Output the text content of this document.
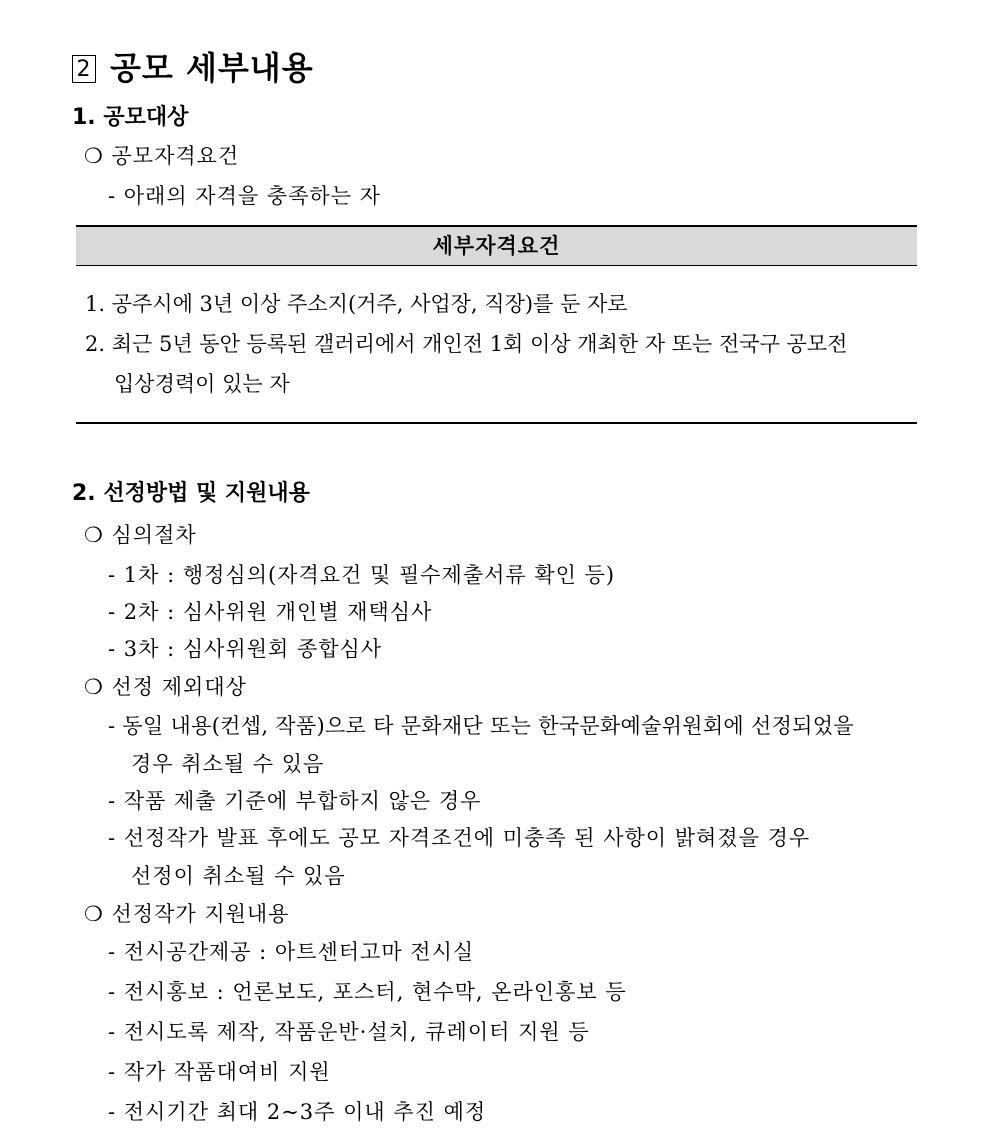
2 공모 세부내용
1. 공모대상
❍ 공모자격요건
- 아래의 자격을 충족하는 자
세부자격요건
1. 공주시에 3년 이상 주소지(거주, 사업장, 직장)를 둔 자로
2. 최근 5년 동안 등록된 갤러리에서 개인전 1회 이상 개최한 자 또는 전국구 공모전
입상경력이 있는 자
2. 선정방법 및 지원내용
❍ 심의절차
- 1차 : 행정심의(자격요건 및 필수제출서류 확인 등)
- 2차 : 심사위원 개인별 재택심사
- 3차 : 심사위원회 종합심사
❍ 선정 제외대상
- 동일 내용(컨셉, 작품)으로 타 문화재단 또는 한국문화예술위원회에 선정되었을
경우 취소될 수 있음
- 작품 제출 기준에 부합하지 않은 경우
- 선정작가 발표 후에도 공모 자격조건에 미충족 된 사항이 밝혀졌을 경우
선정이 취소될 수 있음
❍ 선정작가 지원내용
- 전시공간제공 : 아트센터고마 전시실
- 전시홍보 : 언론보도, 포스터, 현수막, 온라인홍보 등
- 전시도록 제작, 작품운반·설치, 큐레이터 지원 등
- 작가 작품대여비 지원
- 전시기간 최대 2~3주 이내 추진 예정
